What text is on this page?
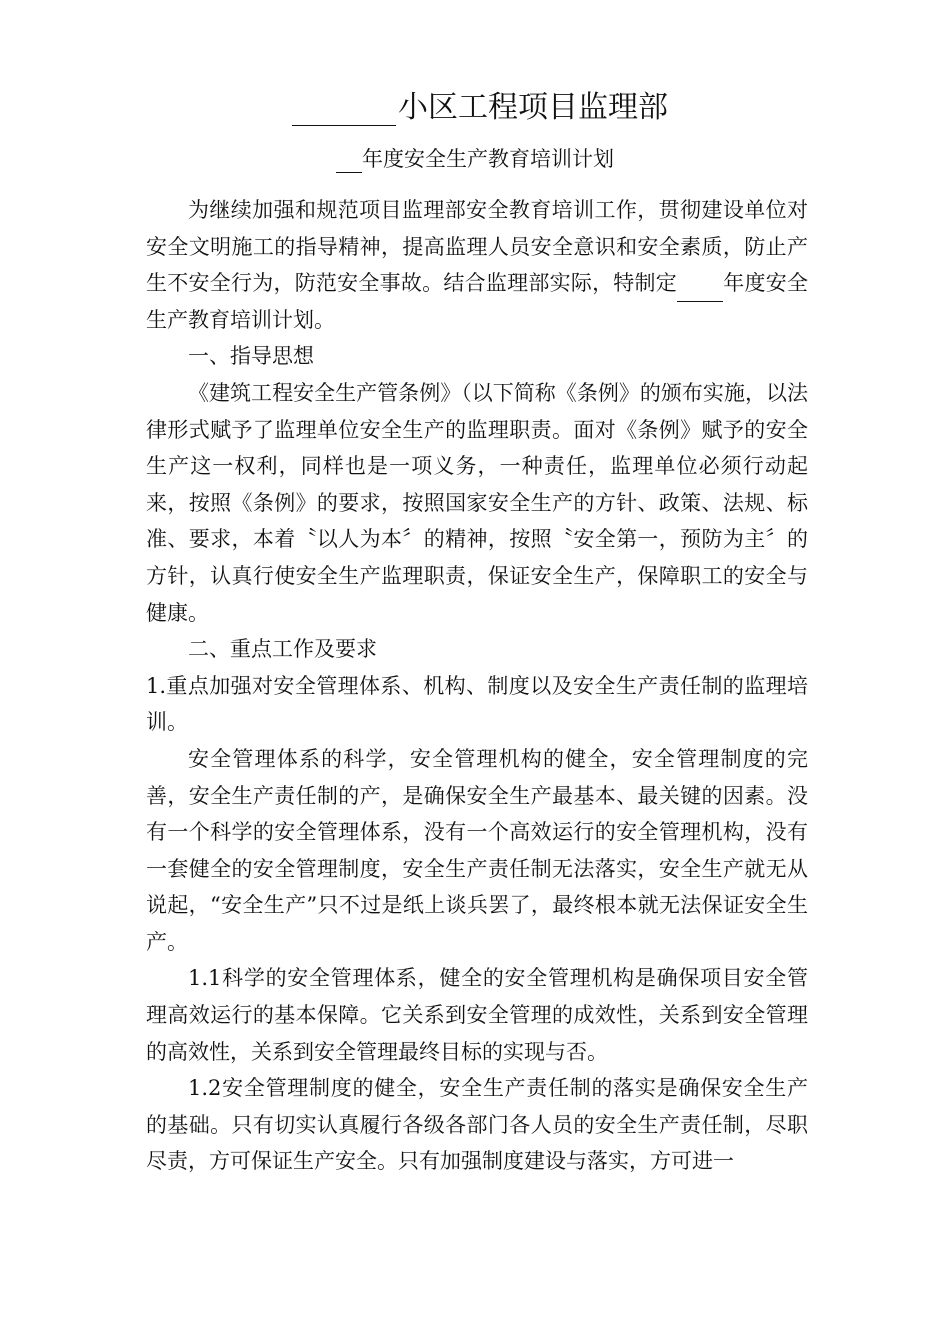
小区工程项目监理部
年度安全生产教育培训计划

为继续加强和规范项目监理部安全教育培训工作，贯彻建设单位对安全文明施工的指导精神，提高监理人员安全意识和安全素质，防止产生不安全行为，防范安全事故。结合监理部实际，特制定 年度安全生产教育培训计划。

一、指导思想

《建筑工程安全生产管条例》（以下简称《条例》的颁布实施，以法律形式赋予了监理单位安全生产的监理职责。面对《条例》赋予的安全生产这一权利，同样也是一项义务，一种责任，监理单位必须行动起来，按照《条例》的要求，按照国家安全生产的方针、政策、法规、标准、要求，本着〝以人为本〞的精神，按照〝安全第一，预防为主〞的方针，认真行使安全生产监理职责，保证安全生产，保障职工的安全与健康。

二、重点工作及要求

1.重点加强对安全管理体系、机构、制度以及安全生产责任制的监理培训。

安全管理体系的科学，安全管理机构的健全，安全管理制度的完善，安全生产责任制的产，是确保安全生产最基本、最关键的因素。没有一个科学的安全管理体系，没有一个高效运行的安全管理机构，没有一套健全的安全管理制度，安全生产责任制无法落实，安全生产就无从说起，“安全生产”只不过是纸上谈兵罢了，最终根本就无法保证安全生产。

1.1科学的安全管理体系，健全的安全管理机构是确保项目安全管理高效运行的基本保障。它关系到安全管理的成效性，关系到安全管理的高效性，关系到安全管理最终目标的实现与否。

1.2安全管理制度的健全，安全生产责任制的落实是确保安全生产的基础。只有切实认真履行各级各部门各人员的安全生产责任制，尽职尽责，方可保证生产安全。只有加强制度建设与落实，方可进一
